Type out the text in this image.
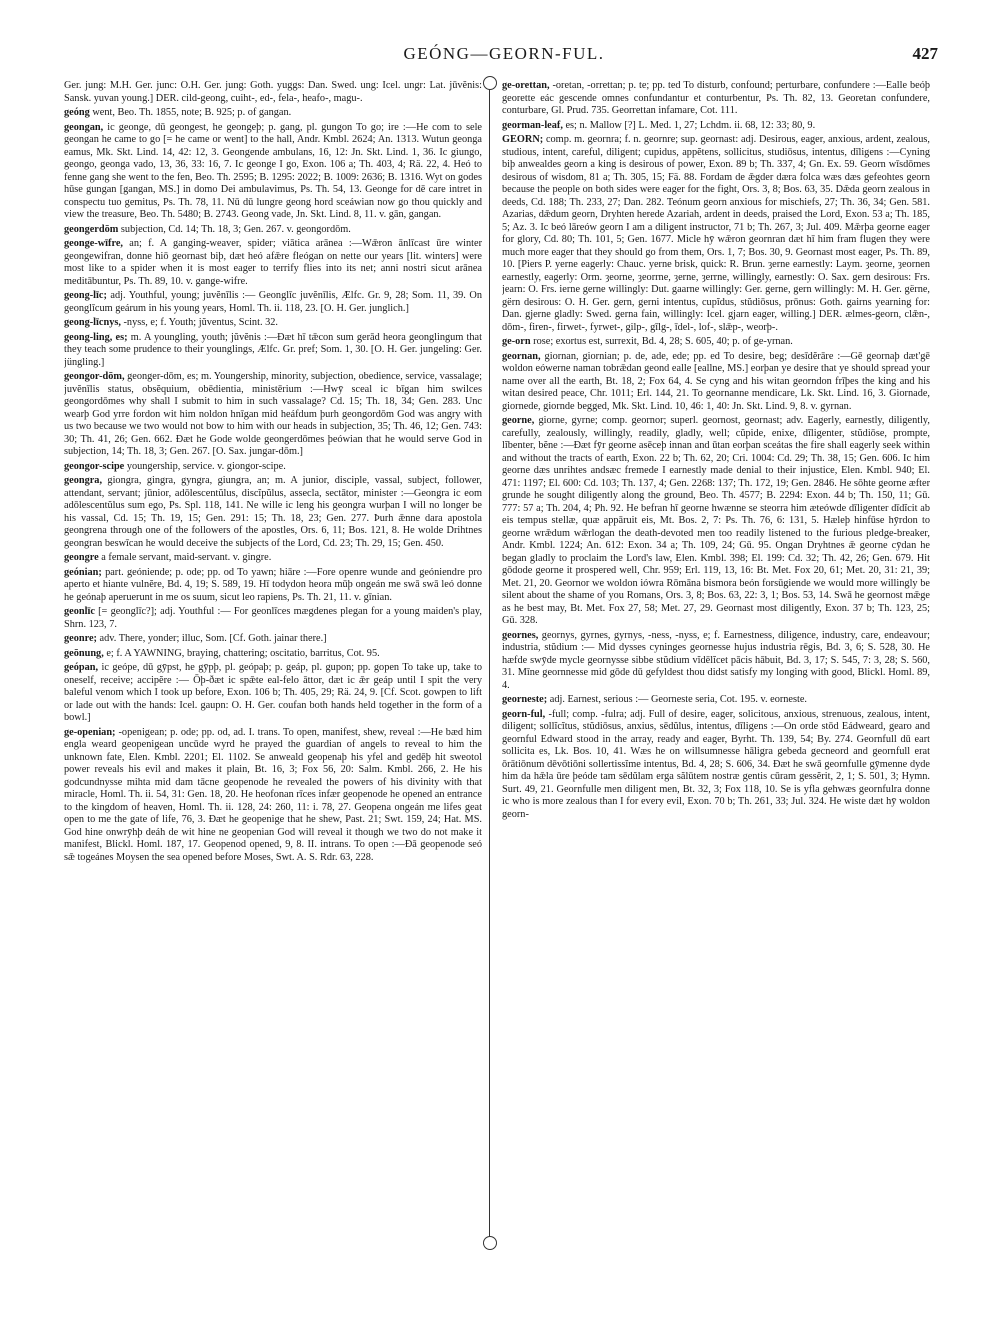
GEÓNG—GEORN-FUL.	427

Ger. jung: M.H. Ger. junc: O.H. Ger. jung: Goth. yuggs: Dan. Swed. ung: Icel. ungr: Lat. jūvĕnis: Sansk. yuvan young.] DER. cild-geong, cuiht-, ed-, fela-, heafo-, magu-.

geóng went, Beo. Th. 1855, note; B. 925; p. of gangan.

geongan, ic geonge, dū geongest, he geongeþ; p. gang, pl. gungon To go; ire :—He com to sele geongan he came to go [= he came or went] to the hall, Andr. Kmbl. 2624; An. 1313. Wutun geonga eamus, Mk. Skt. Lind. 14, 42: 12, 3. Geongende ambulans, 16, 12: Jn. Skt. Lind. 1, 36. Ic giungo, geongo, geonga vado, 13, 36, 33: 16, 7. Ic geonge I go, Exon. 106 a; Th. 403, 4; Rä. 22, 4. Heó to fenne gang she went to the fen, Beo. Th. 2595; B. 1295: 2022; B. 1009: 2636; B. 1316. Wyt on godes hūse gungan [gangan, MS.] in domo Dei ambulavimus, Ps. Th. 54, 13. Geonge for dē care intret in conspectu tuo gemitus, Ps. Th. 78, 11. Nū dū lungre geong hord sceáwian now go thou quickly and view the treasure, Beo. Th. 5480; B. 2743. Geong vade, Jn. Skt. Lind. 8, 11. v. gān, gangan.

geongerdōm subjection, Cd. 14; Th. 18, 3; Gen. 267. v. geongordōm.

geonge-wīfre, an; f. A ganging-weaver, spider; viātica arānea :—Wǣron ānlīcast ūre winter geongewifran, donne hiō geornast biþ, dæt heó afǣre fleógan on nette our years [lit. winters] were most like to a spider when it is most eager to terrify flies into its net; anni nostri sicut arānea meditābuntur, Ps. Th. 89, 10. v. gange-wifre.

geong-līc; adj. Youthful, young; juvĕnīlis :— Geonglīc juvĕnīlis, Ælfc. Gr. 9, 28; Som. 11, 39. On geonglīcum geárum in his young years, Homl. Th. ii. 118, 23. [O. H. Ger. junglich.]

geong-līcnys, -nyss, e; f. Youth; jŭventus, Scint. 32.

geong-ling, es; m. A youngling, youth; jŭvĕnis :—Ðæt hī tǣcon sum gerād heora geonglingum that they teach some prudence to their younglings, Ælfc. Gr. pref; Som. 1, 30. [O. H. Ger. jungeling: Ger. jüngling.]

geongor-dōm, geonger-dōm, es; m. Youngership, minority, subjection, obedience, service, vassalage; juvĕnīlis status, obsĕquium, obēdientia, ministērium :—Hwȳ sceal ic bīgan him swilces geongordōmes why shall I submit to him in such vassalage? Cd. 15; Th. 18, 34; Gen. 283. Unc wearþ God yrre fordon wit him noldon hnīgan mid heáfdum þurh geongordōm God was angry with us two because we two would not bow to him with our heads in subjection, 35; Th. 46, 12; Gen. 743: 30; Th. 41, 26; Gen. 662. Ðæt he Gode wolde geongerdōmes þeówian that he would serve God in subjection, 14; Th. 18, 3; Gen. 267. [O. Sax. jungar-dōm.]

geongor-scipe youngership, service. v. giongor-scipe.

geongra, giongra, gingra, gyngra, giungra, an; m. A junior, disciple, vassal, subject, follower, attendant, servant; jūnior, adōlescentŭlus, discĭpŭlus, assecla, sectātor, minister :—Geongra ic eom adōlescentŭlus sum ego, Ps. Spl. 118, 141. Ne wille ic leng his geongra wurþan I will no longer be his vassal, Cd. 15; Th. 19, 15; Gen. 291: 15; Th. 18, 23; Gen. 277. Þurh ǣnne dara apostola geongrena through one of the followers of the apostles, Ors. 6, 11; Bos. 121, 8. He wolde Drihtnes geongran beswīcan he would deceive the subjects of the Lord, Cd. 23; Th. 29, 15; Gen. 450.

geongre a female servant, maid-servant. v. gingre.

geónian; part. geóniende; p. ode; pp. od To yawn; hiāre :—Fore openre wunde and geóniendre pro aperto et hiante vulnĕre, Bd. 4, 19; S. 589, 19. Hī todydon heora mūþ ongeán me swā swā leó donne he geónaþ aperuerunt in me os suum, sicut leo rapiens, Ps. Th. 21, 11. v. gīnian.

geonlīc [= geonglīc?]; adj. Youthful :— For geonlīces mægdenes plegan for a young maiden's play, Shrn. 123, 7.

geonre; adv. There, yonder; illuc, Som. [Cf. Goth. jainar there.]

geōnung, e; f. A YAWNING, braying, chattering; oscitatio, barritus, Cot. 95.

geópan, ic geópe, dū gȳpst, he gȳpþ, pl. geópaþ; p. geáp, pl. gupon; pp. gopen To take up, take to oneself, receive; accipĕre :— Ōþ-ðæt ic spǣte eal-felo āttor, dæt ic ǣr geáp until I spit the very baleful venom which I took up before, Exon. 106 b; Th. 405, 29; Rä. 24, 9. [Cf. Scot. gowpen to lift or lade out with the hands: Icel. gaupn: O. H. Ger. coufan both hands held together in the form of a bowl.]

ge-openian; -openigean; p. ode; pp. od, ad. I. trans. To open, manifest, shew, reveal :—He bæd him engla weard geopenigean uncūde wyrd he prayed the guardian of angels to reveal to him the unknown fate, Elen. Kmbl. 2201; El. 1102. Se anweald geopenaþ his yfel and gedēþ hit sweotol power reveals his evil and makes it plain, Bt. 16, 3; Fox 56, 20: Salm. Kmbl. 266, 2. He his godcundnysse mihta mid dam tācne geopenode he revealed the powers of his divinity with that miracle, Homl. Th. ii. 54, 31: Gen. 18, 20. He heofonan rīces infær geopenode he opened an entrance to the kingdom of heaven, Homl. Th. ii. 128, 24: 260, 11: i. 78, 27. Geopena ongeán me lifes geat open to me the gate of life, 76, 3. Ðæt he geopenige that he shew, Past. 21; Swt. 159, 24; Hat. MS. God hine onwrȳhþ deáh de wit hine ne geopenian God will reveal it though we two do not make it manifest, Blickl. Homl. 187, 17. Geopenod opened, 9, 8. II. intrans. To open :—Ðā geopenode seó sǣ togeánes Moysen the sea opened before Moses, Swt. A. S. Rdr. 63, 228.

ge-orettan, -oretan, -orrettan; p. te; pp. ted To disturb, confound; perturbare, confundere :—Ealle beóþ georette eác gescende omnes confundantur et conturbentur, Ps. Th. 82, 13. Georetan confundere, conturbare, Gl. Prud. 735. Georrettan infamare, Cot. 111.

georman-leaf, es; n. Mallow [?] L. Med. 1, 27; Lchdm. ii. 68, 12: 33; 80, 9.

GEORN; comp. m. geornra; f. n. geornre; sup. geornast: adj. Desirous, eager, anxious, ardent, zealous, studious, intent, careful, diligent; cupidus, appĕtens, sollicitus, studiōsus, intentus, dīligens :—Cyning biþ anwealdes georn a king is desirous of power, Exon. 89 b; Th. 337, 4; Gn. Ex. 59. Georn wīsdōmes desirous of wisdom, 81 a; Th. 305, 15; Fä. 88. Fordam de ǣgder dæra folca wæs dæs gefeohtes georn because the people on both sides were eager for the fight, Ors. 3, 8; Bos. 63, 35. Dǣda georn zealous in deeds, Cd. 188; Th. 233, 27; Dan. 282. Teónum georn anxious for mischiefs, 27; Th. 36, 34; Gen. 581. Azarias, dǣdum georn, Dryhten herede Azariah, ardent in deeds, praised the Lord, Exon. 53 a; Th. 185, 5; Az. 3. Ic beó lāreów georn I am a diligent instructor, 71 b; Th. 267, 3; Jul. 409. Mǣrþa georne eager for glory, Cd. 80; Th. 101, 5; Gen. 1677. Micle hȳ wǣron geornran dæt hī him fram flugen they were much more eager that they should go from them, Ors. 1, 7; Bos. 30, 9. Geornast most eager, Ps. Th. 89, 10. [Piers P. yerne eagerly: Chauc. yerne brisk, quick: R. Brun. ȝerne earnestly: Laym. ȝeorne, ȝeornen earnestly, eagerly: Orm. ȝeorne, ȝeorrne, ȝerne, ȝerrne, willingly, earnestly: O. Sax. gern desirous: Frs. jearn: O. Frs. ierne gerne willingly: Dut. gaarne willingly: Ger. gerne, gern willingly: M. H. Ger. gërne, gërn desirous: O. H. Ger. gern, gerni intentus, cupĭdus, stŭdiōsus, prōnus: Goth. gairns yearning for: Dan. gjerne gladly: Swed. gerna fain, willingly: Icel. gjarn eager, willing.] DER. ælmes-georn, clǣn-, dōm-, firen-, firwet-, fyrwet-, gilp-, gīlg-, īdel-, lof-, slǣp-, weorþ-.

ge-orn rose; exortus est, surrexit, Bd. 4, 28; S. 605, 40; p. of ge-yrnan.

geornan, giornan, giornian; p. de, ade, ede; pp. ed To desire, beg; desīdĕrāre :—Gē geornaþ dæt'gē woldon eówerne naman tobrǣdan geond ealle [eallne, MS.] eorþan ye desire that ye should spread your name over all the earth, Bt. 18, 2; Fox 64, 4. Se cyng and his witan georndon frīþes the king and his witan desired peace, Chr. 1011; Erl. 144, 21. To geornanne mendicare, Lk. Skt. Lind. 16, 3. Giornade, giornede, giornde begged, Mk. Skt. Lind. 10, 46: 1, 40: Jn. Skt. Lind. 9, 8. v. gyrnan.

georne, giorne, gyrne; comp. geornor; superl. geornost, geornast; adv. Eagerly, earnestly, diligently, carefully, zealously, willingly, readily, gladly, well; cŭpide, enixe, dīligenter, stŭdiōse, prompte, lĭbenter, bĕne :—Ðæt fȳr georne asēceþ innan and ūtan eorþan sceátas the fire shall eagerly seek within and without the tracts of earth, Exon. 22 b; Th. 62, 20; Cri. 1004: Cd. 29; Th. 38, 15; Gen. 606. Ic him georne dæs unrihtes andsæc fremede I earnestly made denial to their injustice, Elen. Kmbl. 940; El. 471: 1197; El. 600: Cd. 103; Th. 137, 4; Gen. 2268: 137; Th. 172, 19; Gen. 2846. He sōhte georne æfter grunde he sought diligently along the ground, Beo. Th. 4577; B. 2294: Exon. 44 b; Th. 150, 11; Gū. 777: 57 a; Th. 204, 4; Ph. 92. He befran hī georne hwænne se steorra him ætеówde dīligenter dīdĭcit ab eis tempus stellæ, quæ appāruit eis, Mt. Bos. 2, 7: Ps. Th. 76, 6: 131, 5. Hæleþ hinfūse hȳrdon to georne wrǣdum wǣrlogan the death-devoted men too readily listened to the furious pledge-breaker, Andr. Kmbl. 1224; An. 612: Exon. 34 a; Th. 109, 24; Gū. 95. Ongan Dryhtnes ǣ georne cȳdan he began gladly to proclaim the Lord's law, Elen. Kmbl. 398; El. 199: Cd. 32; Th. 42, 26; Gen. 679. Hit gōdode georne it prospered well, Chr. 959; Erl. 119, 13, 16: Bt. Met. Fox 20, 61; Met. 20, 31: 21, 39; Met. 21, 20. Geornor we woldon iówra Rōmāna bismora beón forsūgiende we would more willingly be silent about the shame of you Romans, Ors. 3, 8; Bos. 63, 22: 3, 1; Bos. 53, 14. Swā he geornost mǣge as he best may, Bt. Met. Fox 27, 58; Met. 27, 29. Geornast most diligently, Exon. 37 b; Th. 123, 25; Gū. 328.

geornes, geornys, gyrnes, gyrnys, -ness, -nyss, e; f. Earnestness, diligence, industry, care, endeavour; industria, stŭdium :— Mid dysses cyninges geornesse hujus industria rēgis, Bd. 3, 6; S. 528, 30. He hæfde swȳde mycle geornysse sibbe stŭdium vĭdēlĭcet pācis hābuit, Bd. 3, 17; S. 545, 7: 3, 28; S. 560, 31. Mīne geornnesse mid gōde dū gefyldest thou didst satisfy my longing with good, Blickl. Homl. 89, 4.

georneste; adj. Earnest, serious :— Georneste seria, Cot. 195. v. eorneste.

georn-ful, -full; comp. -fulra; adj. Full of desire, eager, solicitous, anxious, strenuous, zealous, intent, diligent; sollĭcĭtus, stŭdiōsus, anxius, sēdŭlus, intentus, dīligens :—On orde stōd Eádweard, gearo and geornful Edward stood in the array, ready and eager, Byrht. Th. 139, 54; By. 274. Geornfull dū eart sollicita es, Lk. Bos. 10, 41. Wæs he on willsumnesse hāligra gebeda gecneord and geornfull erat ōrātiōnum dēvōtiōni sollertissĭme intentus, Bd. 4, 28; S. 606, 34. Ðæt he swā geornfulle gȳmenne dyde him da hǣla ūre þeóde tam sēdŭlam erga sălūtem nostræ gentis cūram gessĕrit, 2, 1; S. 501, 3; Hymn. Surt. 49, 21. Geornfulle men diligent men, Bt. 32, 3; Fox 118, 10. Se is yfla gehwæs geornfulra donne ic who is more zealous than I for every evil, Exon. 70 b; Th. 261, 33; Jul. 324. He wiste dæt hȳ woldon georn-
